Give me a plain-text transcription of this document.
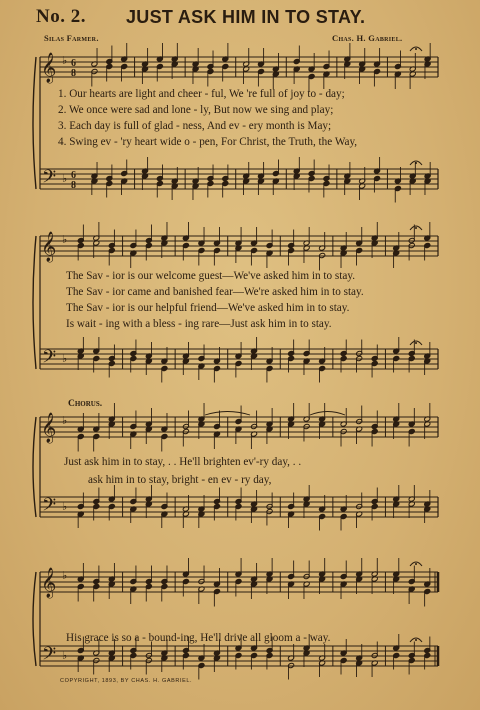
No. 2. JUST ASK HIM IN TO STAY.
Silas Farmer.	Chas. H. Gabriel.
𝄞
𝄢
♭
♭
6
8
6
8
𝄞
𝄢
♭
♭
𝄞
𝄢
♭
♭
𝄞
𝄢
♭
♭
1. Our hearts are light and cheer - ful, We 're full of joy to - day;
2. We once were sad and lone - ly, But now we sing and play;
3. Each day is full of glad - ness, And ev - ery month is May;
4. Swing ev - 'ry heart wide o - pen, For Christ, the Truth, the Way,
The Sav - ior is our welcome guest—We've asked him in to stay.
The Sav - ior came and banished fear—We're asked him in to stay.
The Sav - ior is our helpful friend—We've asked him in to stay.
Is wait - ing with a bless - ing rare—Just ask him in to stay.
Chorus.
Just ask him in to stay, . . He'll brighten ev'-ry day, . .
ask him in to stay, bright - en ev - ry day,
His grace is so a - bound-ing, He'll drive all gloom a - way.
COPYRIGHT, 1893, BY CHAS. H. GABRIEL.
